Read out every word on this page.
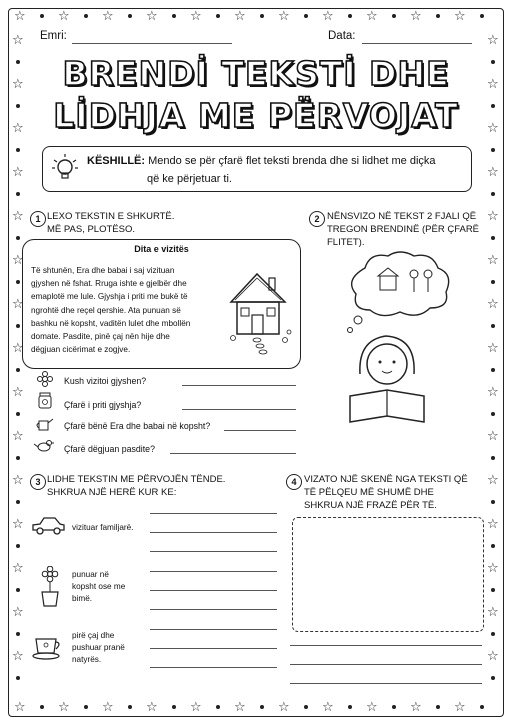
☆ ☆ ☆ ☆ ☆ ☆ ☆ ☆ ☆ ☆ ☆
☆ ☆ ☆ ☆ ☆ ☆ ☆ ☆ ☆ ☆ ☆
☆
☆
☆
☆
☆
☆
☆
☆
☆
☆
☆
☆
☆
☆
☆
☆
☆
☆
☆
☆
☆
☆
☆
☆
☆
☆
☆
☆
☆
☆
Emri:	Data:
BRENDİ TEKSTİ DHE
LİDHJA ME PËRVOJAT
KËSHILLË: Mendo se për çfarë flet teksti brenda dhe si lidhet me diçka
që ke përjetuar ti.
1 LEXO TEKSTIN E SHKURTË.
MË PAS, PLOTËSO.
Dita e vizitës
Të shtunën, Era dhe babai i saj vizituan
gjyshen në fshat. Rruga ishte e gjelbër dhe
emaplotë me lule. Gjyshja i priti me bukë të
ngrohtë dhe reçel qershie. Ata punuan së
bashku në kopsht, vaditën lulet dhe mbollën
domate. Pasdite, pinë çaj nën hije dhe
dëgjuan cicërimat e zogjve.
Kush vizitoi gjyshen?
Çfarë i priti gjyshja?
Çfarë bënë Era dhe babai në kopsht?
Çfarë dëgjuan pasdite?
2 NËNSVIZO NË TEKST 2 FJALI QË
TREGON BRENDINË (PËR ÇFARË
FLITET).
3 LIDHE TEKSTIN ME PËRVOJËN TËNDE.
SHKRUA NJË HERË KUR KE:
vizituar familjarë.
punuar në
kopsht ose me
bimë.
pirë çaj dhe
pushuar pranë
natyrës.
4 VIZATO NJË SKENË NGA TEKSTI QË
TË PËLQEU MË SHUMË DHE
SHKRUA NJË FRAZË PËR TË.
